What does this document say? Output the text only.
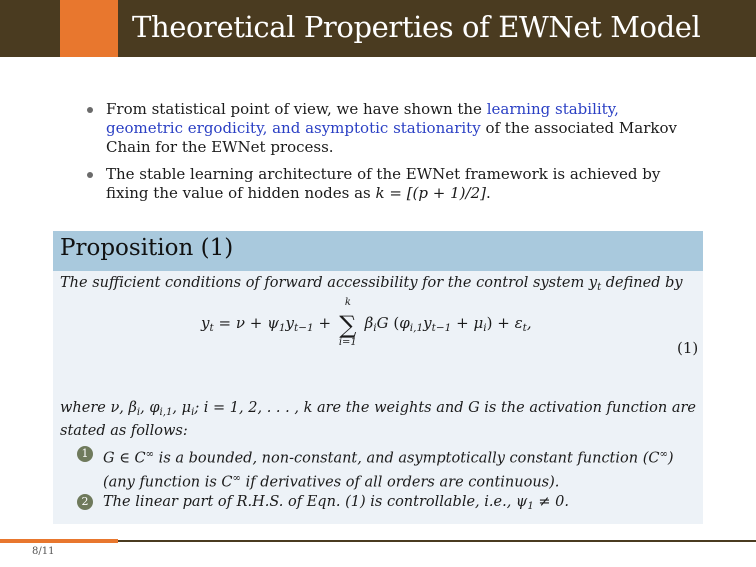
Theoretical Properties of EWNet Model
From statistical point of view, we have shown the learning stability, geometric ergodicity, and asymptotic stationarity of the associated Markov Chain for the EWNet process.
The stable learning architecture of the EWNet framework is achieved by fixing the value of hidden nodes as k = [(p + 1)/2].
Proposition (1)
The sufficient conditions of forward accessibility for the control system $y_t$ defined by
$y_t = \nu + \psi_1y_{t-1}$ + ∑
k
i=1
$\beta_iG$ $(\varphi_{i,1}y_{t-1} + \mu_i) + \varepsilon_t$,
(1)
where ν, $\beta_i$, $\varphi_{i,1}$, $\mu_i$; i = 1, 2, . . . , k are the weights and G is the activation function are stated as follows:
1	G ∈ C∞ is a bounded, non-constant, and asymptotically constant function (C∞) (any function is C∞ if derivatives of all orders are continuous).
2	The linear part of R.H.S. of Eqn. (1) is controllable, i.e., $\psi_1 \ne 0$.
8/11
